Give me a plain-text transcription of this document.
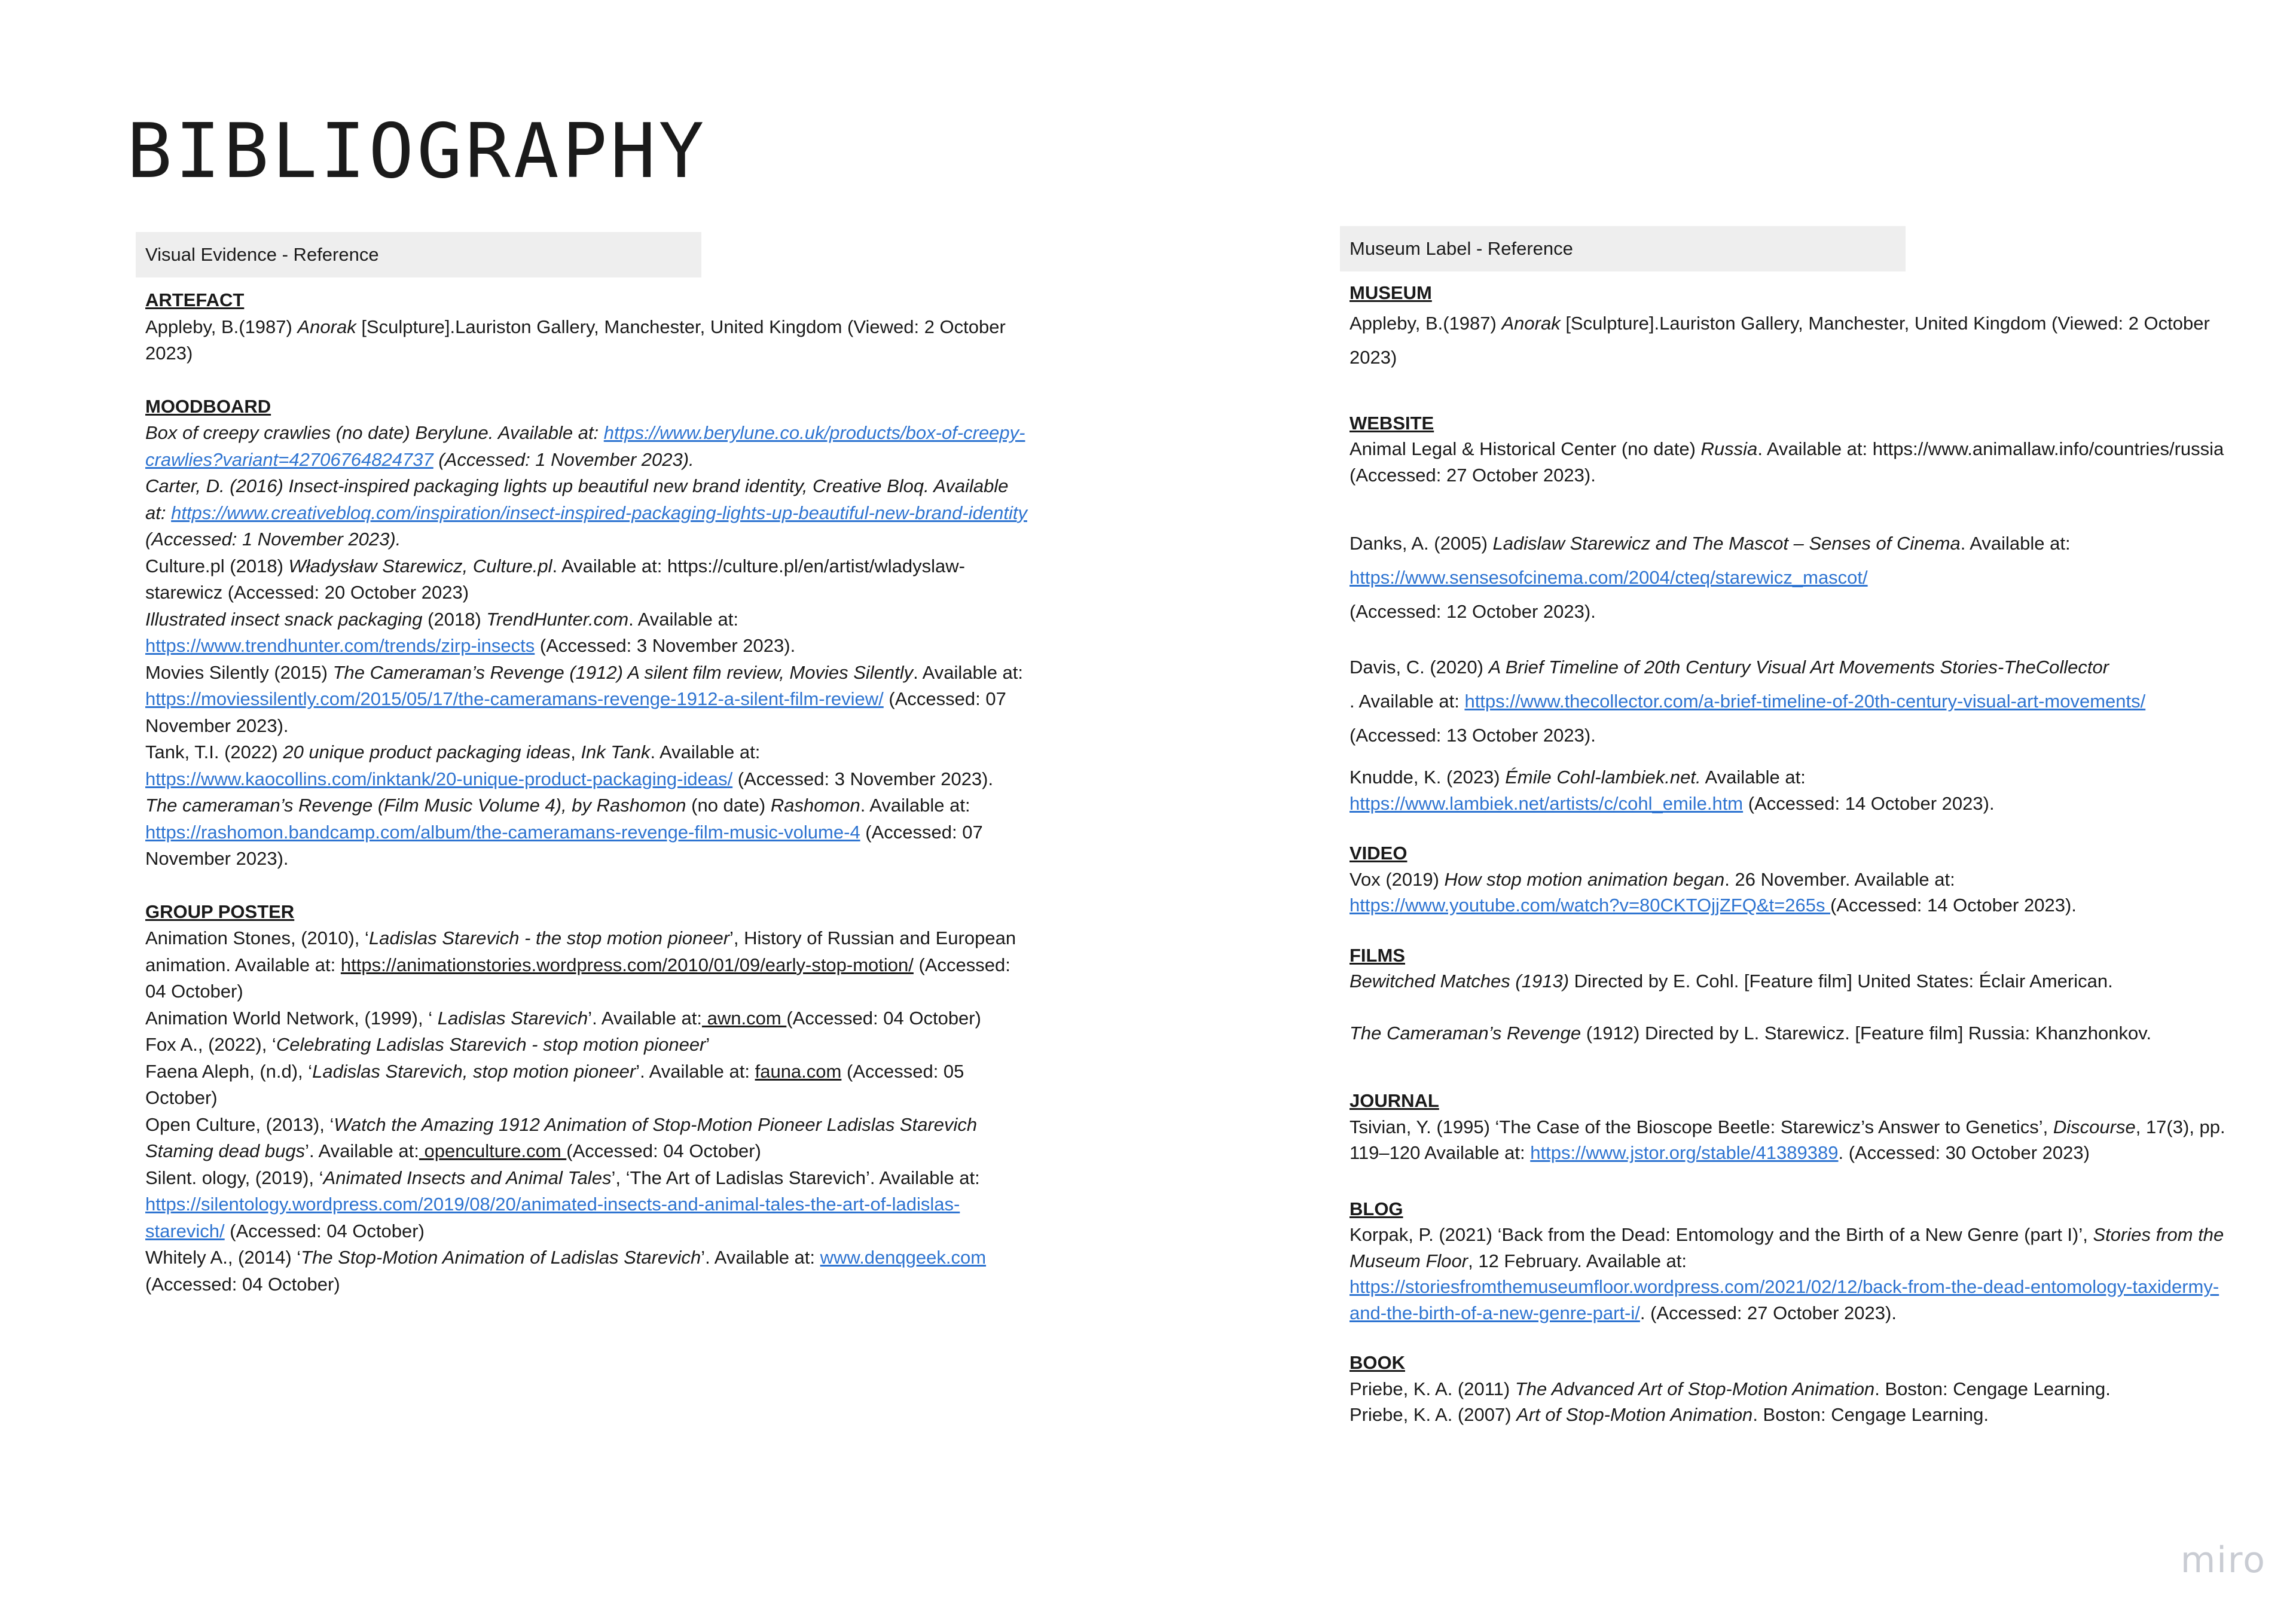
BIBLIOGRAPHY
Visual Evidence - Reference	Museum Label - Reference
ARTEFACT
Appleby, B.(1987) Anorak [Sculpture].Lauriston Gallery, Manchester, United Kingdom (Viewed: 2 October 2023)
MOODBOARD
Box of creepy crawlies (no date) Berylune. Available at: https://www.berylune.co.uk/products/box-of-creepy-crawlies?variant=42706764824737 (Accessed: 1 November 2023).
Carter, D. (2016) Insect-inspired packaging lights up beautiful new brand identity, Creative Bloq. Available at: https://www.creativebloq.com/inspiration/insect-inspired-packaging-lights-up-beautiful-new-brand-identity (Accessed: 1 November 2023).
Culture.pl (2018) Władysław Starewicz, Culture.pl. Available at: https://culture.pl/en/artist/wladyslaw-starewicz (Accessed: 20 October 2023)
Illustrated insect snack packaging (2018) TrendHunter.com. Available at: https://www.trendhunter.com/trends/zirp-insects (Accessed: 3 November 2023).
Movies Silently (2015) The Cameraman’s Revenge (1912) A silent film review, Movies Silently. Available at: https://moviessilently.com/2015/05/17/the-cameramans-revenge-1912-a-silent-film-review/ (Accessed: 07 November 2023).
Tank, T.I. (2022) 20 unique product packaging ideas, Ink Tank. Available at: https://www.kaocollins.com/inktank/20-unique-product-packaging-ideas/ (Accessed: 3 November 2023).
The cameraman’s Revenge (Film Music Volume 4), by Rashomon (no date) Rashomon. Available at: https://rashomon.bandcamp.com/album/the-cameramans-revenge-film-music-volume-4 (Accessed: 07 November 2023).
GROUP POSTER
Animation Stones, (2010), ‘Ladislas Starevich - the stop motion pioneer’, History of Russian and European animation. Available at: https://animationstories.wordpress.com/2010/01/09/early-stop-motion/ (Accessed: 04 October)
Animation World Network, (1999), ‘ Ladislas Starevich’. Available at: awn.com (Accessed: 04 October)
Fox A., (2022), ‘Celebrating Ladislas Starevich - stop motion pioneer’
Faena Aleph, (n.d), ‘Ladislas Starevich, stop motion pioneer’. Available at: fauna.com (Accessed: 05 October)
Open Culture, (2013), ‘Watch the Amazing 1912 Animation of Stop-Motion Pioneer Ladislas Starevich Staming dead bugs’. Available at: openculture.com (Accessed: 04 October)
Silent. ology, (2019), ‘Animated Insects and Animal Tales’, ‘The Art of Ladislas Starevich’. Available at: https://silentology.wordpress.com/2019/08/20/animated-insects-and-animal-tales-the-art-of-ladislas-starevich/ (Accessed: 04 October)
Whitely A., (2014) ‘The Stop-Motion Animation of Ladislas Starevich’. Available at: www.denqgeek.com (Accessed: 04 October)
MUSEUM
Appleby, B.(1987) Anorak [Sculpture].Lauriston Gallery, Manchester, United Kingdom (Viewed: 2 October 2023)
WEBSITE
Animal Legal & Historical Center (no date) Russia. Available at: https://www.animallaw.info/countries/russia (Accessed: 27 October 2023).
Danks, A. (2005) Ladislaw Starewicz and The Mascot – Senses of Cinema. Available at:
https://www.sensesofcinema.com/2004/cteq/starewicz_mascot/
(Accessed: 12 October 2023).
Davis, C. (2020) A Brief Timeline of 20th Century Visual Art Movements Stories-TheCollector
. Available at: https://www.thecollector.com/a-brief-timeline-of-20th-century-visual-art-movements/
(Accessed: 13 October 2023).
Knudde, K. (2023) Émile Cohl-lambiek.net. Available at:
https://www.lambiek.net/artists/c/cohl_emile.htm (Accessed: 14 October 2023).
VIDEO
Vox (2019) How stop motion animation began. 26 November. Available at:
https://www.youtube.com/watch?v=80CKTOjjZFQ&t=265s (Accessed: 14 October 2023).
FILMS
Bewitched Matches (1913) Directed by E. Cohl. [Feature film] United States: Éclair American.
The Cameraman’s Revenge (1912) Directed by L. Starewicz. [Feature film] Russia: Khanzhonkov.
JOURNAL
Tsivian, Y. (1995) ‘The Case of the Bioscope Beetle: Starewicz’s Answer to Genetics’, Discourse, 17(3), pp. 119–120 Available at: https://www.jstor.org/stable/41389389. (Accessed: 30 October 2023)
BLOG
Korpak, P. (2021) ‘Back from the Dead: Entomology and the Birth of a New Genre (part I)’, Stories from the Museum Floor, 12 February. Available at: https://storiesfromthemuseumfloor.wordpress.com/2021/02/12/back-from-the-dead-entomology-taxidermy-and-the-birth-of-a-new-genre-part-i/. (Accessed: 27 October 2023).
BOOK
Priebe, K. A. (2011) The Advanced Art of Stop-Motion Animation. Boston: Cengage Learning.
Priebe, K. A. (2007) Art of Stop-Motion Animation. Boston: Cengage Learning.
miro
